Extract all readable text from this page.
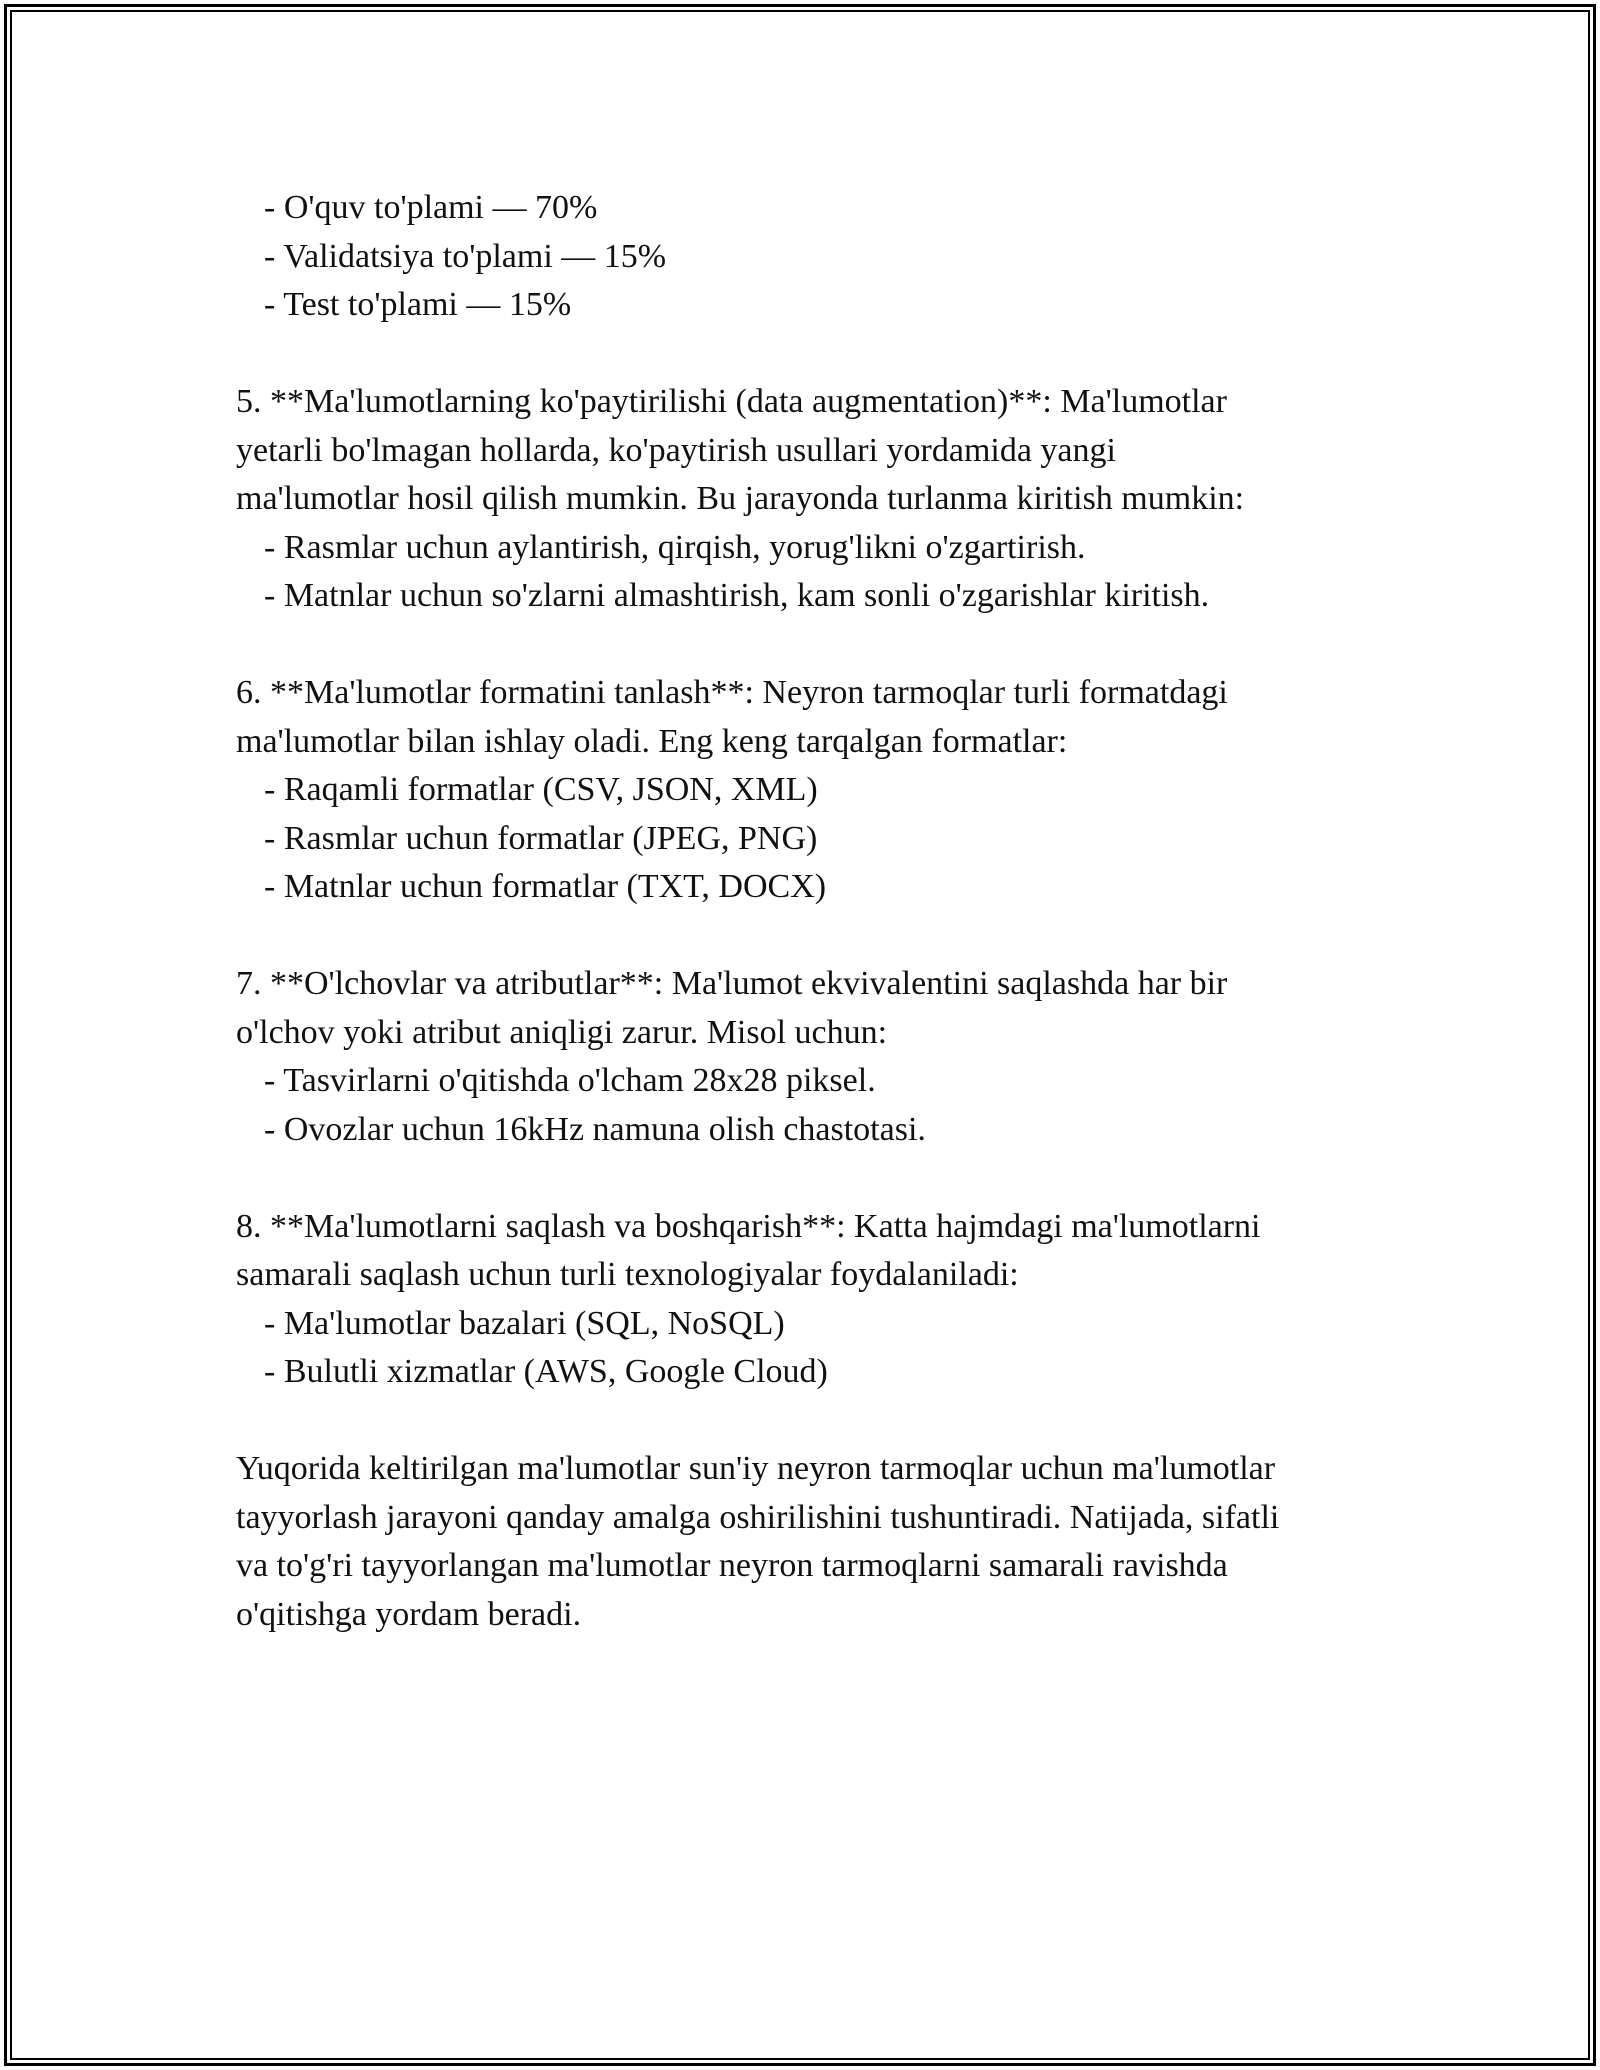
- O'quv to'plami — 70%
- Validatsiya to'plami — 15%
- Test to'plami — 15%
5. **Ma'lumotlarning ko'paytirilishi (data augmentation)**: Ma'lumotlar
yetarli bo'lmagan hollarda, ko'paytirish usullari yordamida yangi
ma'lumotlar hosil qilish mumkin. Bu jarayonda turlanma kiritish mumkin:
- Rasmlar uchun aylantirish, qirqish, yorug'likni o'zgartirish.
- Matnlar uchun so'zlarni almashtirish, kam sonli o'zgarishlar kiritish.
6. **Ma'lumotlar formatini tanlash**: Neyron tarmoqlar turli formatdagi
ma'lumotlar bilan ishlay oladi. Eng keng tarqalgan formatlar:
- Raqamli formatlar (CSV, JSON, XML)
- Rasmlar uchun formatlar (JPEG, PNG)
- Matnlar uchun formatlar (TXT, DOCX)
7. **O'lchovlar va atributlar**: Ma'lumot ekvivalentini saqlashda har bir
o'lchov yoki atribut aniqligi zarur. Misol uchun:
- Tasvirlarni o'qitishda o'lcham 28x28 piksel.
- Ovozlar uchun 16kHz namuna olish chastotasi.
8. **Ma'lumotlarni saqlash va boshqarish**: Katta hajmdagi ma'lumotlarni
samarali saqlash uchun turli texnologiyalar foydalaniladi:
- Ma'lumotlar bazalari (SQL, NoSQL)
- Bulutli xizmatlar (AWS, Google Cloud)
Yuqorida keltirilgan ma'lumotlar sun'iy neyron tarmoqlar uchun ma'lumotlar
tayyorlash jarayoni qanday amalga oshirilishini tushuntiradi. Natijada, sifatli
va to'g'ri tayyorlangan ma'lumotlar neyron tarmoqlarni samarali ravishda
o'qitishga yordam beradi.
